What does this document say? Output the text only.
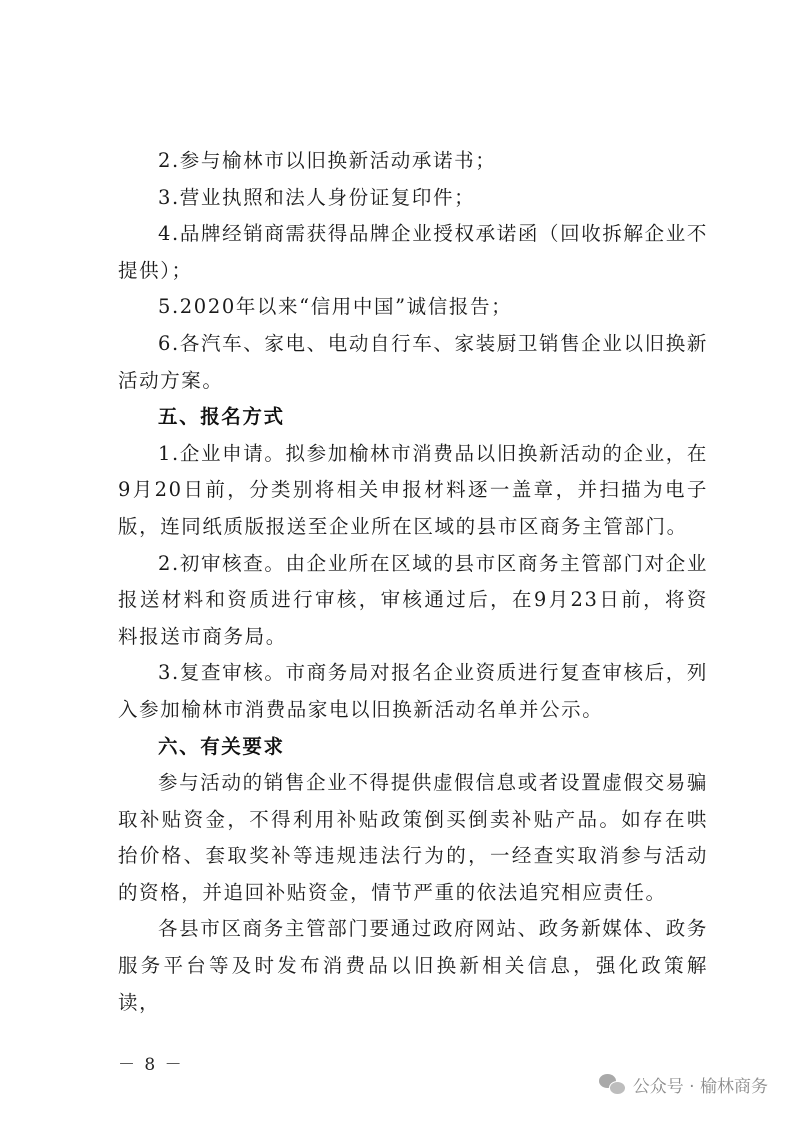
2.参与榆林市以旧换新活动承诺书；

3.营业执照和法人身份证复印件；

4.品牌经销商需获得品牌企业授权承诺函（回收拆解企业不提供）；

5.2020年以来“信用中国”诚信报告；

6.各汽车、家电、电动自行车、家装厨卫销售企业以旧换新活动方案。

五、报名方式

1.企业申请。拟参加榆林市消费品以旧换新活动的企业，在9月20日前，分类别将相关申报材料逐一盖章，并扫描为电子版，连同纸质版报送至企业所在区域的县市区商务主管部门。

2.初审核查。由企业所在区域的县市区商务主管部门对企业报送材料和资质进行审核，审核通过后，在9月23日前，将资料报送市商务局。

3.复查审核。市商务局对报名企业资质进行复查审核后，列入参加榆林市消费品家电以旧换新活动名单并公示。

六、有关要求

参与活动的销售企业不得提供虚假信息或者设置虚假交易骗取补贴资金，不得利用补贴政策倒买倒卖补贴产品。如存在哄抬价格、套取奖补等违规违法行为的，一经查实取消参与活动的资格，并追回补贴资金，情节严重的依法追究相应责任。

各县市区商务主管部门要通过政府网站、政务新媒体、政务服务平台等及时发布消费品以旧换新相关信息，强化政策解读，

－ 8 －
公众号 · 榆林商务
